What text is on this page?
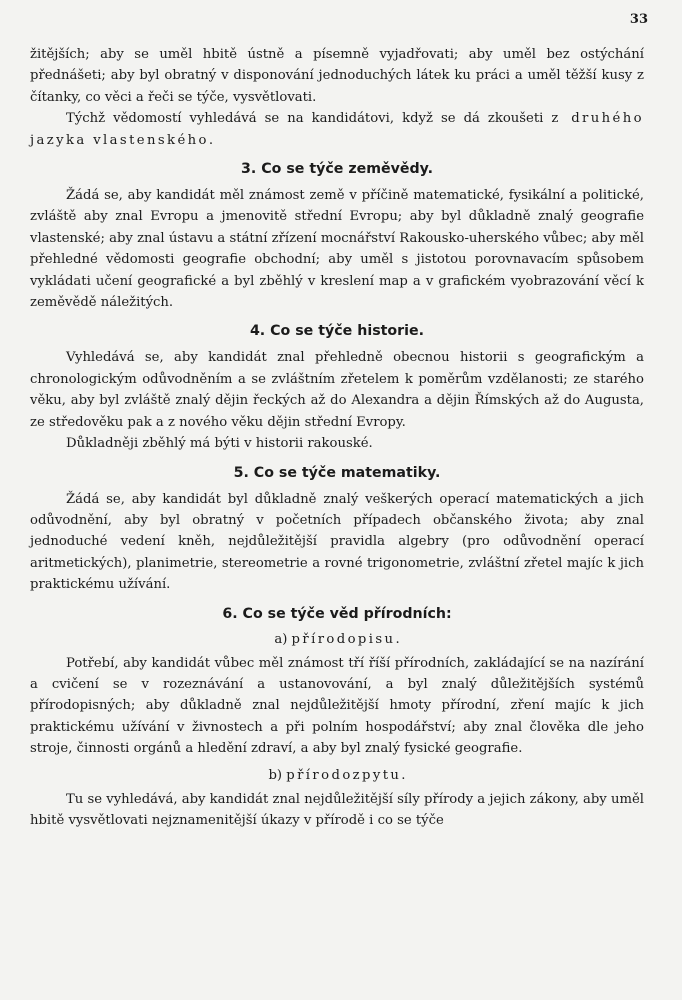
33

žitějších; aby se uměl hbitě ústně a písemně vyjadřovati; aby uměl bez ostýchání přednášeti; aby byl obratný v disponování jednoduchých látek ku práci a uměl těžší kusy z čítanky, co věci a řeči se týče, vysvětlovati.

Týchž vědomostí vyhledává se na kandidátovi, když se dá zkoušeti z druhého jazyka vlastenského.

3. Co se týče zeměvědy.

Žádá se, aby kandidát měl známost země v příčině matematické, fysikální a politické, zvláště aby znal Evropu a jmenovitě střední Evropu; aby byl důkladně znalý geografie vlastenské; aby znal ústavu a státní zřízení mocnářství Rakousko-uherského vůbec; aby měl přehledné vědomosti geografie obchodní; aby uměl s jistotou porovnavacím spůsobem vykládati učení geografické a byl zběhlý v kreslení map a v grafickém vyobrazování věcí k zeměvědě náležitých.

4. Co se týče historie.

Vyhledává se, aby kandidát znal přehledně obecnou historii s geografickým a chronologickým odůvodněním a se zvláštním zřetelem k poměrům vzdělanosti; ze starého věku, aby byl zvláště znalý dějin řeckých až do Alexandra a dějin Římských až do Augusta, ze středověku pak a z nového věku dějin střední Evropy.

Důkladněji zběhlý má býti v historii rakouské.

5. Co se týče matematiky.

Žádá se, aby kandidát byl důkladně znalý veškerých operací matematických a jich odůvodnění, aby byl obratný v početních případech občanského života; aby znal jednoduché vedení kněh, nejdůležitější pravidla algebry (pro odůvodnění operací aritmetických), planimetrie, stereometrie a rovné trigonometrie, zvláštní zřetel majíc k jich praktickému užívání.

6. Co se týče věd přírodních:
a) přírodopisu.

Potřebí, aby kandidát vůbec měl známost tří říší přírodních, zakládající se na nazírání a cvičení se v rozeznávání a ustanovování, a byl znalý důležitějších systémů přírodopisných; aby důkladně znal nejdůležitější hmoty přírodní, zření majíc k jich praktickému užívání v živnostech a při polním hospodářství; aby znal člověka dle jeho stroje, činnosti orgánů a hledění zdraví, a aby byl znalý fysické geografie.

b) přírodozpytu.

Tu se vyhledává, aby kandidát znal nejdůležitější síly přírody a jejich zákony, aby uměl hbitě vysvětlovati nejznamenitější úkazy v přírodě i co se týče
